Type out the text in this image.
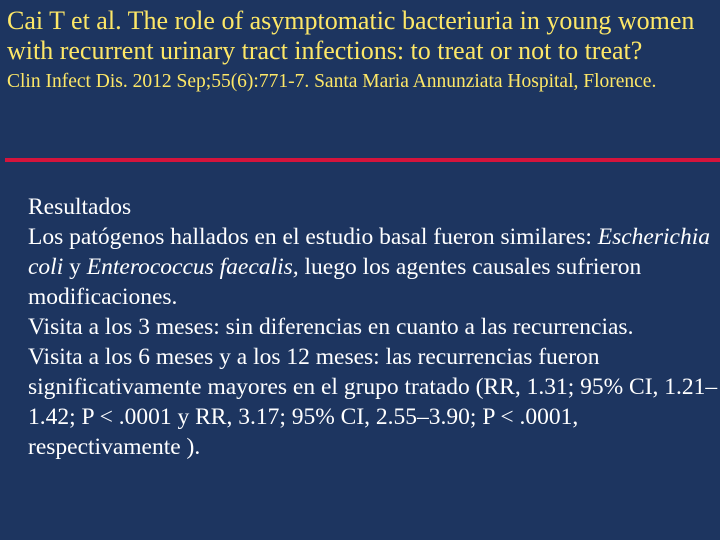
Cai T et al. The role of asymptomatic bacteriuria in young women with recurrent urinary tract infections: to treat or not to treat?

Clin Infect Dis. 2012 Sep;55(6):771-7. Santa Maria Annunziata Hospital, Florence.

Resultados

Los patógenos hallados en el estudio basal fueron similares: Escherichia coli y Enterococcus faecalis, luego los agentes causales sufrieron modificaciones.

Visita a los 3 meses: sin diferencias en cuanto a las recurrencias.

Visita a los 6 meses y a los 12 meses: las recurrencias fueron significativamente mayores en el grupo tratado (RR, 1.31; 95% CI, 1.21–1.42; P < .0001 y RR, 3.17; 95% CI, 2.55–3.90; P < .0001, respectivamente ).
